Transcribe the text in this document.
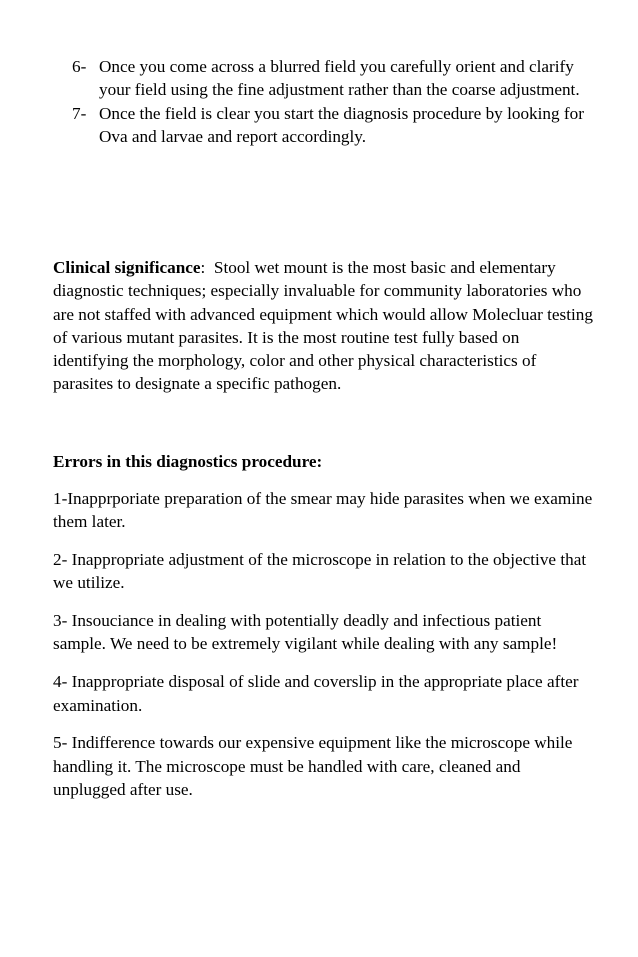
6- Once you come across a blurred field you carefully orient and clarify your field using the fine adjustment rather than the coarse adjustment.
7- Once the field is clear you start the diagnosis procedure by looking for Ova and larvae and report accordingly.

Clinical significance:  Stool wet mount is the most basic and elementary diagnostic techniques; especially invaluable for community laboratories who are not staffed with advanced equipment which would allow Molecluar testing of various mutant parasites. It is the most routine test fully based on identifying the morphology, color and other physical characteristics of parasites to designate a specific pathogen.

Errors in this diagnostics procedure:

1-Inapprporiate preparation of the smear may hide parasites when we examine them later.
2- Inappropriate adjustment of the microscope in relation to the objective that we utilize.
3- Insouciance in dealing with potentially deadly and infectious patient sample. We need to be extremely vigilant while dealing with any sample!
4- Inappropriate disposal of slide and coverslip in the appropriate place after examination.
5- Indifference towards our expensive equipment like the microscope while handling it. The microscope must be handled with care, cleaned and unplugged after use.
